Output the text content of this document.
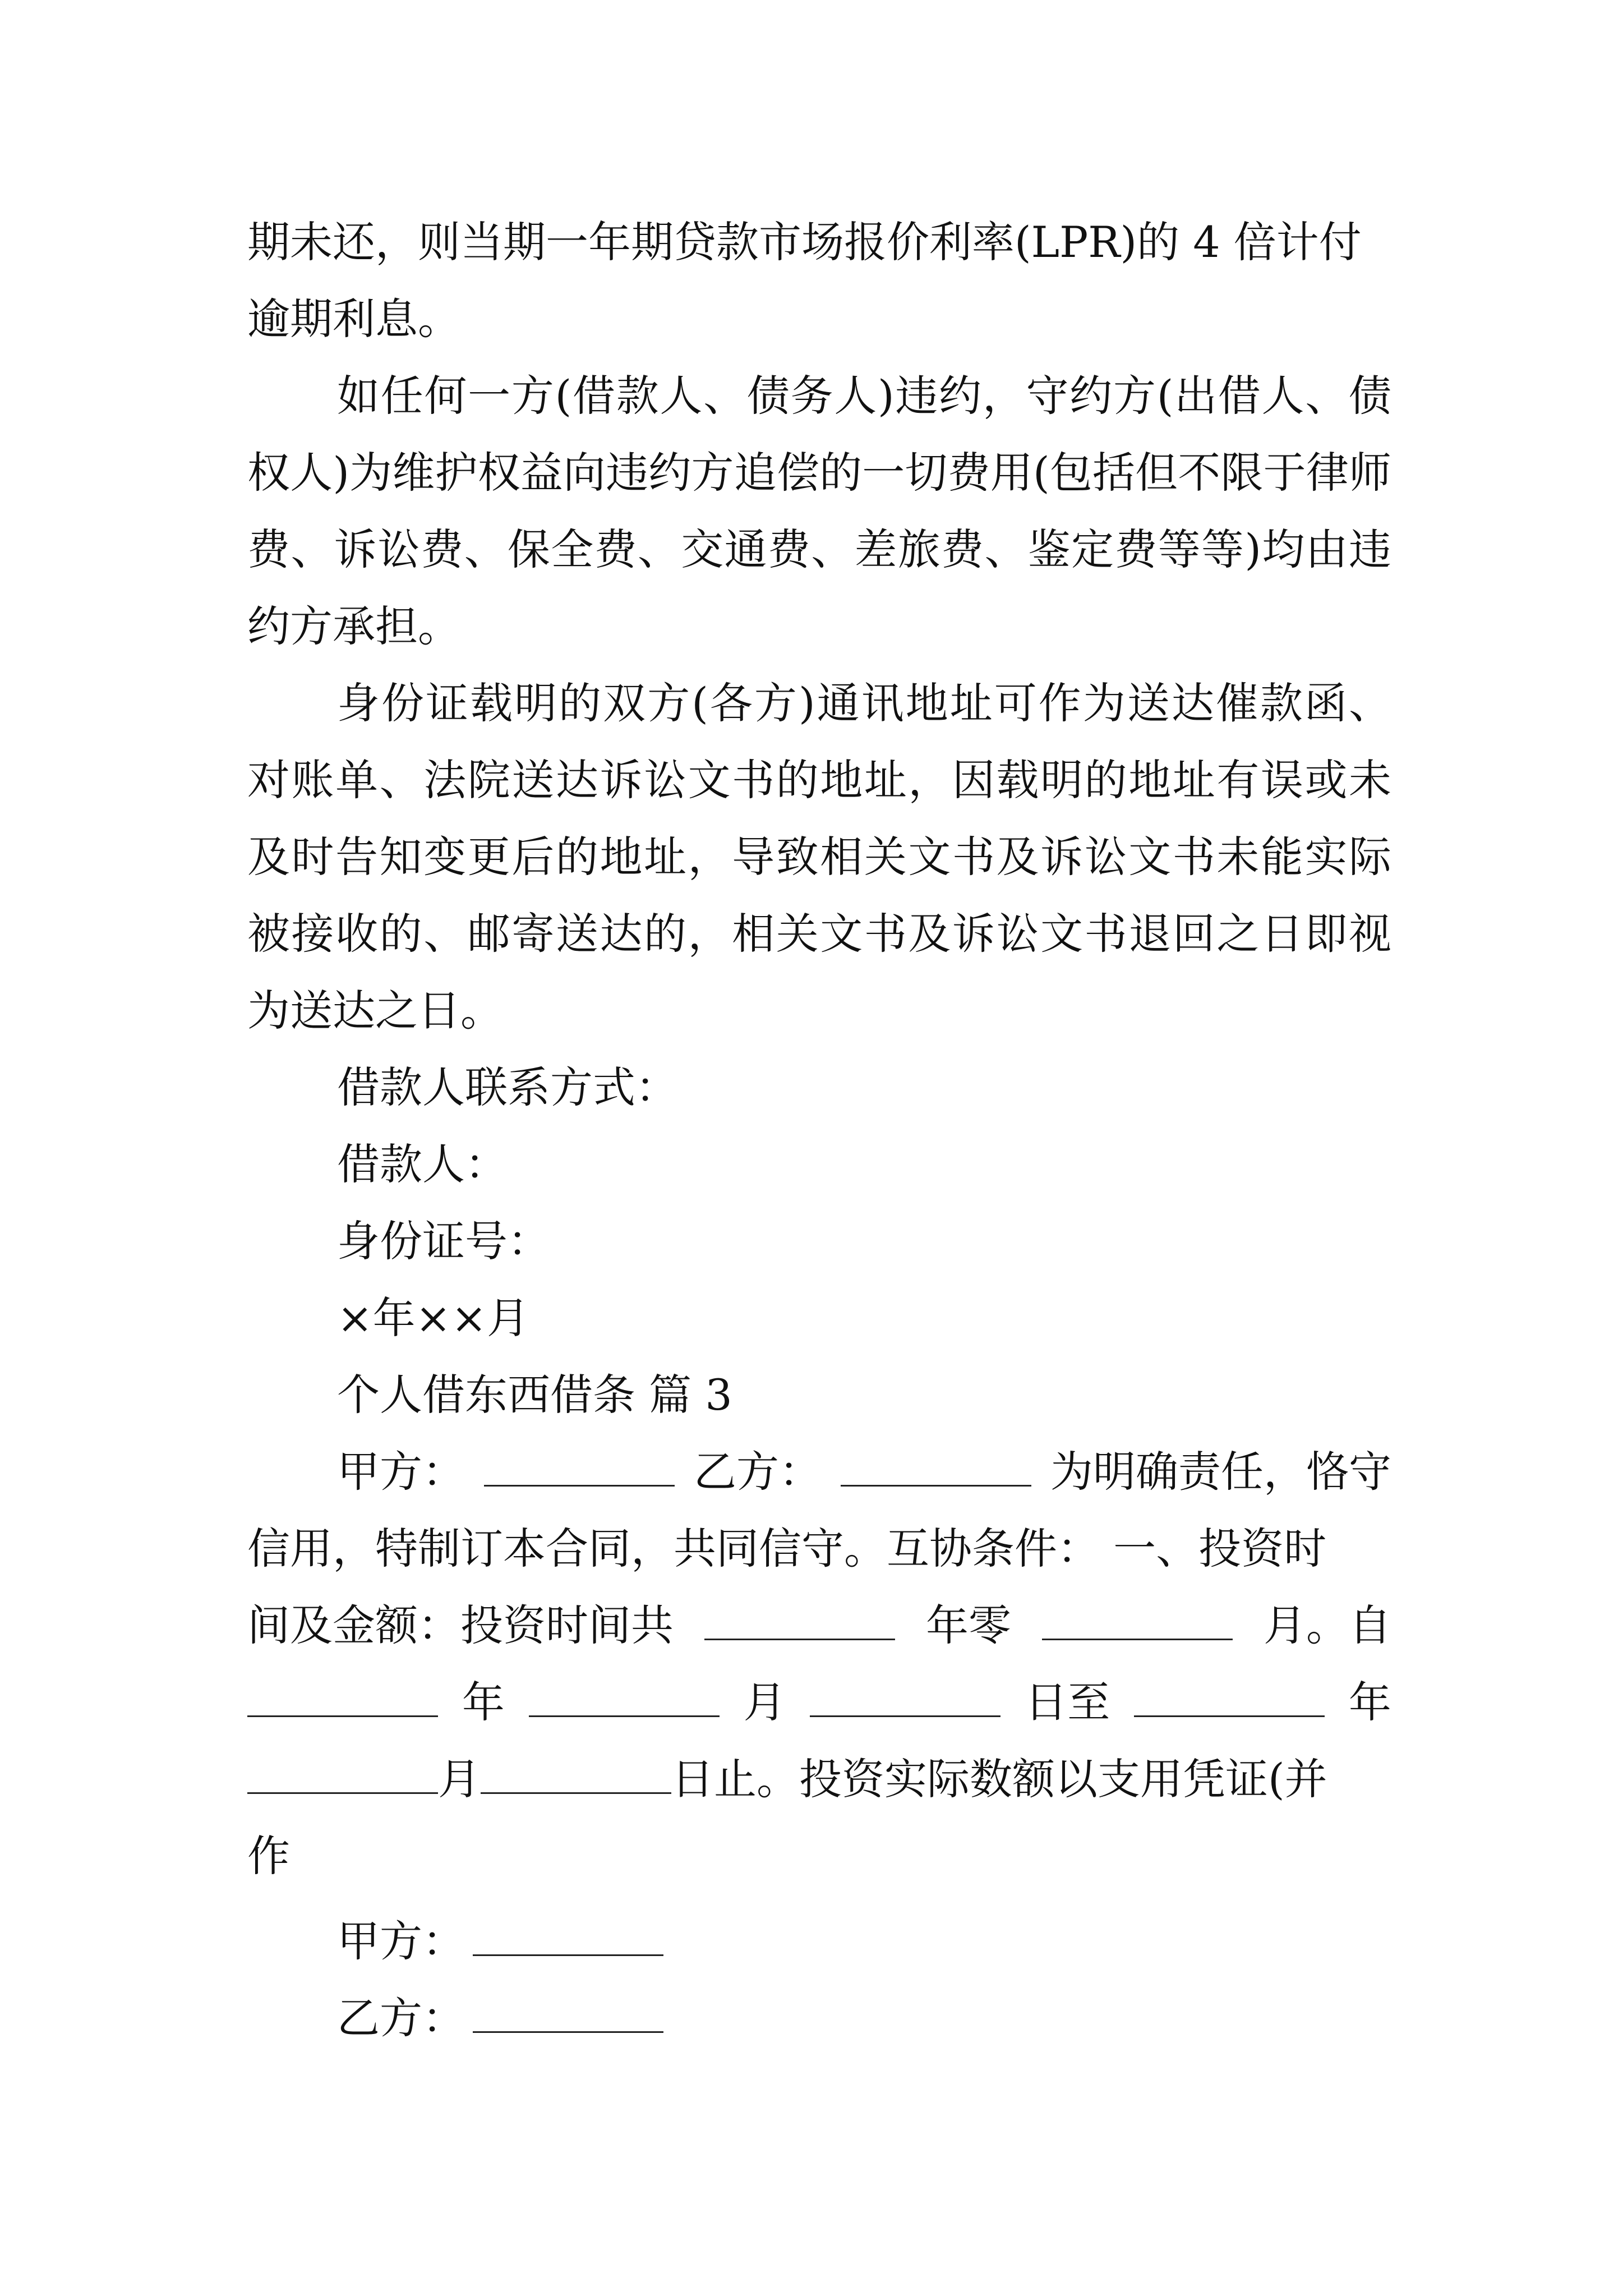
期未还，则当期一年期贷款市场报价利率(LPR)的 4 倍计付

逾期利息。

如任何一方(借款人、债务人)违约，守约方(出借人、债权人)为维护权益向违约方追偿的一切费用(包括但不限于律师费、诉讼费、保全费、交通费、差旅费、鉴定费等等)均由违约方承担。

身份证载明的双方(各方)通讯地址可作为送达催款函、对账单、法院送达诉讼文书的地址，因载明的地址有误或未及时告知变更后的地址，导致相关文书及诉讼文书未能实际被接收的、邮寄送达的，相关文书及诉讼文书退回之日即视为送达之日。

借款人联系方式：

借款人：

身份证号：

×年××月

个人借东西借条 篇 3

甲方：	乙方：	为明确责任，恪守

信用，特制订本合同，共同信守。互协条件： 一、投资时

间及金额：投资时间共	年零	月。自
年	月	日至	年
月	日止。投资实际数额以支用凭证(并

作

甲方：

乙方：
